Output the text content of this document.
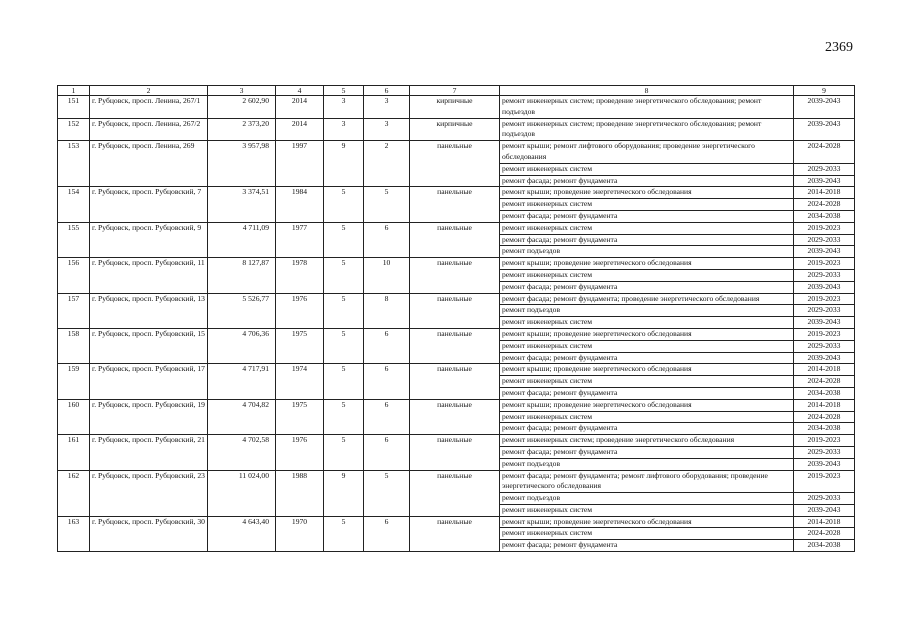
2369
1	2	3	4	5	6	7	8	9
151	г. Рубцовск, просп. Ленина, 267/1	2 602,90	2014	3	3	кирпичные	ремонт инженерных систем; проведение энергетического обследования; ремонт подъездов	2039-2043
152	г. Рубцовск, просп. Ленина, 267/2	2 373,20	2014	3	3	кирпичные	ремонт инженерных систем; проведение энергетического обследования; ремонт подъездов	2039-2043
153	г. Рубцовск, просп. Ленина, 269	3 957,98	1997	9	2	панельные	ремонт крыши; ремонт лифтового оборудования; проведение энергетического обследования	2024-2028
							ремонт инженерных систем	2029-2033
							ремонт фасада; ремонт фундамента	2039-2043
154	г. Рубцовск, просп. Рубцовский, 7	3 374,51	1984	5	5	панельные	ремонт крыши; проведение энергетического обследования	2014-2018
							ремонт инженерных систем	2024-2028
							ремонт фасада; ремонт фундамента	2034-2038
155	г. Рубцовск, просп. Рубцовский, 9	4 711,09	1977	5	6	панельные	ремонт инженерных систем	2019-2023
							ремонт фасада; ремонт фундамента	2029-2033
							ремонт подъездов	2039-2043
156	г. Рубцовск, просп. Рубцовский, 11	8 127,87	1978	5	10	панельные	ремонт крыши; проведение энергетического обследования	2019-2023
							ремонт инженерных систем	2029-2033
							ремонт фасада; ремонт фундамента	2039-2043
157	г. Рубцовск, просп. Рубцовский, 13	5 526,77	1976	5	8	панельные	ремонт фасада; ремонт фундамента; проведение энергетического обследования	2019-2023
							ремонт подъездов	2029-2033
							ремонт инженерных систем	2039-2043
158	г. Рубцовск, просп. Рубцовский, 15	4 706,36	1975	5	6	панельные	ремонт крыши; проведение энергетического обследования	2019-2023
							ремонт инженерных систем	2029-2033
							ремонт фасада; ремонт фундамента	2039-2043
159	г. Рубцовск, просп. Рубцовский, 17	4 717,91	1974	5	6	панельные	ремонт крыши; проведение энергетического обследования	2014-2018
							ремонт инженерных систем	2024-2028
							ремонт фасада; ремонт фундамента	2034-2038
160	г. Рубцовск, просп. Рубцовский, 19	4 704,82	1975	5	6	панельные	ремонт крыши; проведение энергетического обследования	2014-2018
							ремонт инженерных систем	2024-2028
							ремонт фасада; ремонт фундамента	2034-2038
161	г. Рубцовск, просп. Рубцовский, 21	4 702,58	1976	5	6	панельные	ремонт инженерных систем; проведение энергетического обследования	2019-2023
							ремонт фасада; ремонт фундамента	2029-2033
							ремонт подъездов	2039-2043
162	г. Рубцовск, просп. Рубцовский, 23	11 024,00	1988	9	5	панельные	ремонт фасада; ремонт фундамента; ремонт лифтового оборудования; проведение энергетического обследования	2019-2023
							ремонт подъездов	2029-2033
							ремонт инженерных систем	2039-2043
163	г. Рубцовск, просп. Рубцовский, 30	4 643,40	1970	5	6	панельные	ремонт крыши; проведение энергетического обследования	2014-2018
							ремонт инженерных систем	2024-2028
							ремонт фасада; ремонт фундамента	2034-2038
